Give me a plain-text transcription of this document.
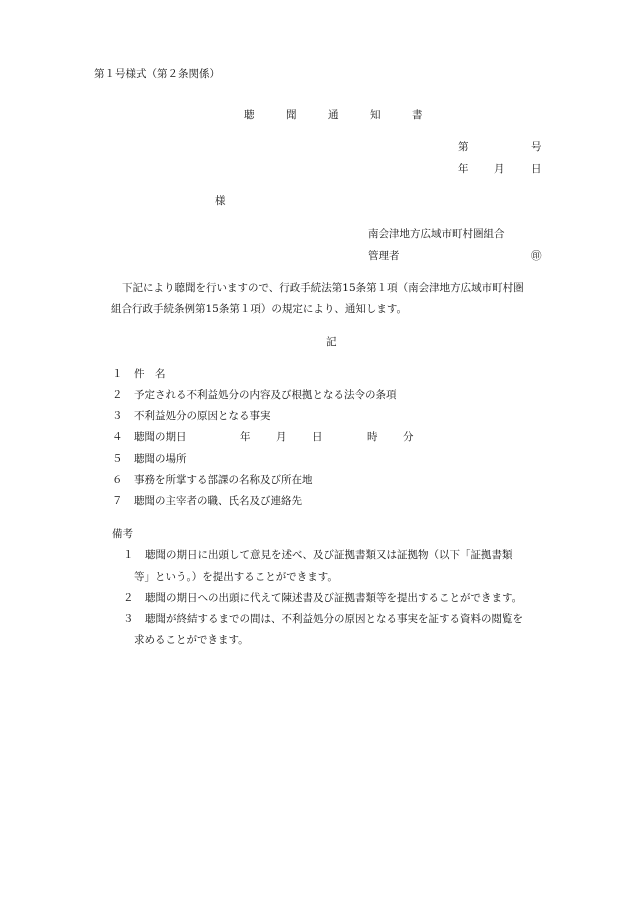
第１号様式（第２条関係）
聴	聞	通	知	書
第	号
年 月	日
様
南会津地方広域市町村圏組合
管理者	㊞
下記により聴聞を行いますので、行政手続法第15条第１項（南会津地方広域市町村圏
組合行政手続条例第15条第１項）の規定により、通知します。
記
１ 件　名
２ 予定される不利益処分の内容及び根拠となる法令の条項
３ 不利益処分の原因となる事実
４ 聴聞の期日	年 月 日	時 分
５ 聴聞の場所
６ 事務を所掌する部課の名称及び所在地
７ 聴聞の主宰者の職、氏名及び連絡先
備考
１ 聴聞の期日に出頭して意見を述べ、及び証拠書類又は証拠物（以下「証拠書類
等」という。）を提出することができます。
２ 聴聞の期日への出頭に代えて陳述書及び証拠書類等を提出することができます。
３ 聴聞が終結するまでの間は、不利益処分の原因となる事実を証する資料の閲覧を
求めることができます。
